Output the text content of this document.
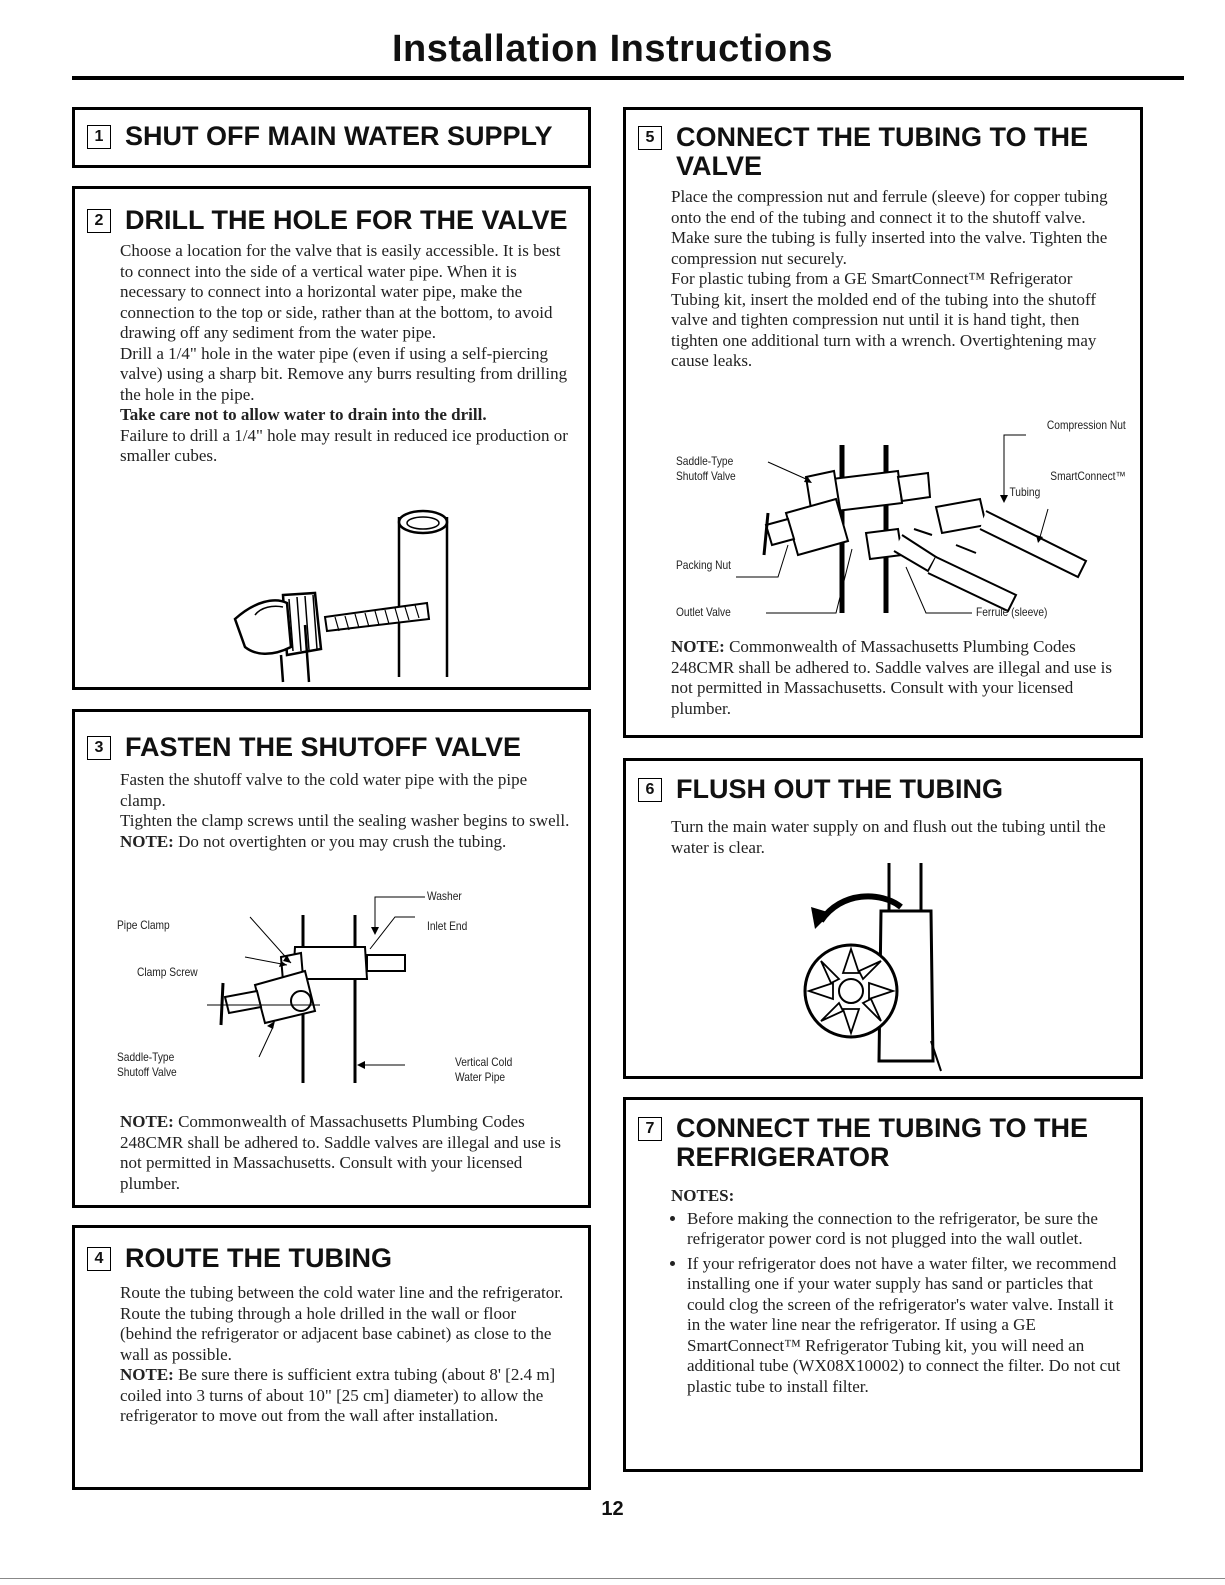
Installation Instructions
1 SHUT OFF MAIN WATER SUPPLY
2 DRILL THE HOLE FOR THE VALVE

Choose a location for the valve that is easily accessible. It is best to connect into the side of a vertical water pipe. When it is necessary to connect into a horizontal water pipe, make the connection to the top or side, rather than at the bottom, to avoid drawing off any sediment from the water pipe.

Drill a 1/4" hole in the water pipe (even if using a self-piercing valve) using a sharp bit. Remove any burrs resulting from drilling the hole in the pipe.

Take care not to allow water to drain into the drill.

Failure to drill a 1/4" hole may result in reduced ice production or smaller cubes.

3 FASTEN THE SHUTOFF VALVE

Fasten the shutoff valve to the cold water pipe with the pipe clamp.

Tighten the clamp screws until the sealing washer begins to swell.

NOTE: Do not overtighten or you may crush the tubing.

Washer
Pipe Clamp	Inlet End
Clamp Screw
Saddle-Type
Shutoff Valve
Vertical Cold
Water Pipe

NOTE: Commonwealth of Massachusetts Plumbing Codes 248CMR shall be adhered to. Saddle valves are illegal and use is not permitted in Massachusetts. Consult with your licensed plumber.

4 ROUTE THE TUBING

Route the tubing between the cold water line and the refrigerator.

Route the tubing through a hole drilled in the wall or floor (behind the refrigerator or adjacent base cabinet) as close to the wall as possible.

NOTE: Be sure there is sufficient extra tubing (about 8' [2.4 m] coiled into 3 turns of about 10" [25 cm] diameter) to allow the refrigerator to move out from the wall after installation.

5 CONNECT THE TUBING TO THE VALVE

Place the compression nut and ferrule (sleeve) for copper tubing onto the end of the tubing and connect it to the shutoff valve.

Make sure the tubing is fully inserted into the valve. Tighten the compression nut securely.

For plastic tubing from a GE SmartConnect™ Refrigerator Tubing kit, insert the molded end of the tubing into the shutoff valve and tighten compression nut until it is hand tight, then tighten one additional turn with a wrench. Overtightening may cause leaks.

Compression Nut
Saddle-Type
Shutoff Valve	SmartConnect™
Tubing
Packing Nut
Outlet Valve	Ferrule (sleeve)

NOTE: Commonwealth of Massachusetts Plumbing Codes 248CMR shall be adhered to. Saddle valves are illegal and use is not permitted in Massachusetts. Consult with your licensed plumber.

6 FLUSH OUT THE TUBING

Turn the main water supply on and flush out the tubing until the water is clear.

7 CONNECT THE TUBING TO THE REFRIGERATOR

NOTES:

• Before making the connection to the refrigerator, be sure the refrigerator power cord is not plugged into the wall outlet.
• If your refrigerator does not have a water filter, we recommend installing one if your water supply has sand or particles that could clog the screen of the refrigerator's water valve. Install it in the water line near the refrigerator. If using a GE SmartConnect™ Refrigerator Tubing kit, you will need an additional tube (WX08X10002) to connect the filter. Do not cut plastic tube to install filter.
12
